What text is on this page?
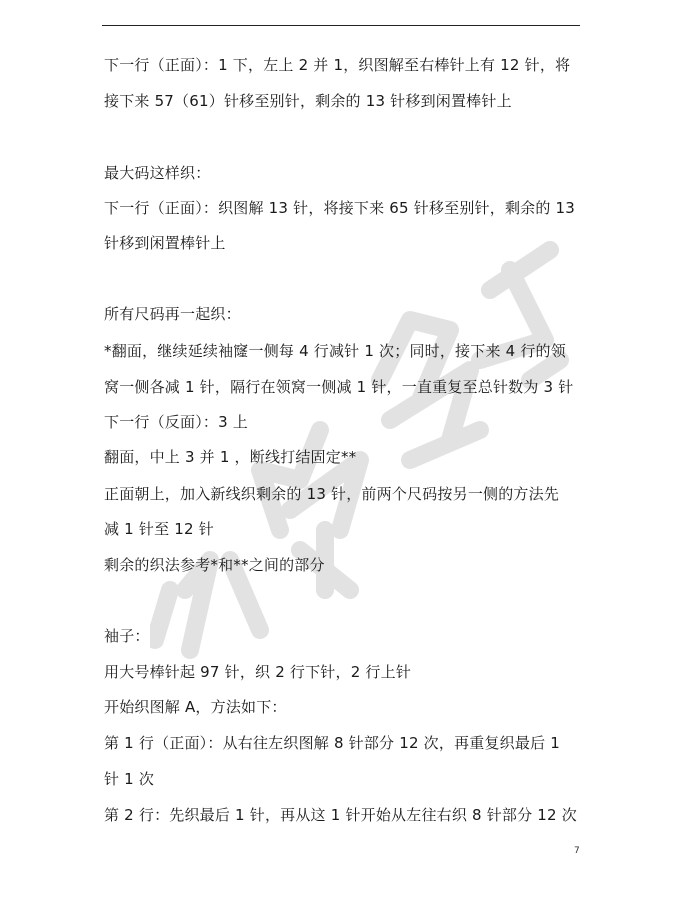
下一行（正面）：1 下，左上 2 并 1，织图解至右棒针上有 12 针，将
接下来 57（61）针移至别针，剩余的 13 针移到闲置棒针上
最大码这样织：
下一行（正面）：织图解 13 针，将接下来 65 针移至别针，剩余的 13
针移到闲置棒针上
所有尺码再一起织：
*翻面，继续延续袖窿一侧每 4 行减针 1 次；同时，接下来 4 行的领
窝一侧各减 1 针，隔行在领窝一侧减 1 针，一直重复至总针数为 3 针
下一行（反面）：3 上
翻面，中上 3 并 1 ，断线打结固定**
正面朝上，加入新线织剩余的 13 针，前两个尺码按另一侧的方法先
减 1 针至 12 针
剩余的织法参考*和**之间的部分
袖子：
用大号棒针起 97 针，织 2 行下针，2 行上针
开始织图解 A，方法如下：
第 1 行（正面）：从右往左织图解 8 针部分 12 次，再重复织最后 1
针 1 次
第 2 行：先织最后 1 针，再从这 1 针开始从左往右织 8 针部分 12 次
7
